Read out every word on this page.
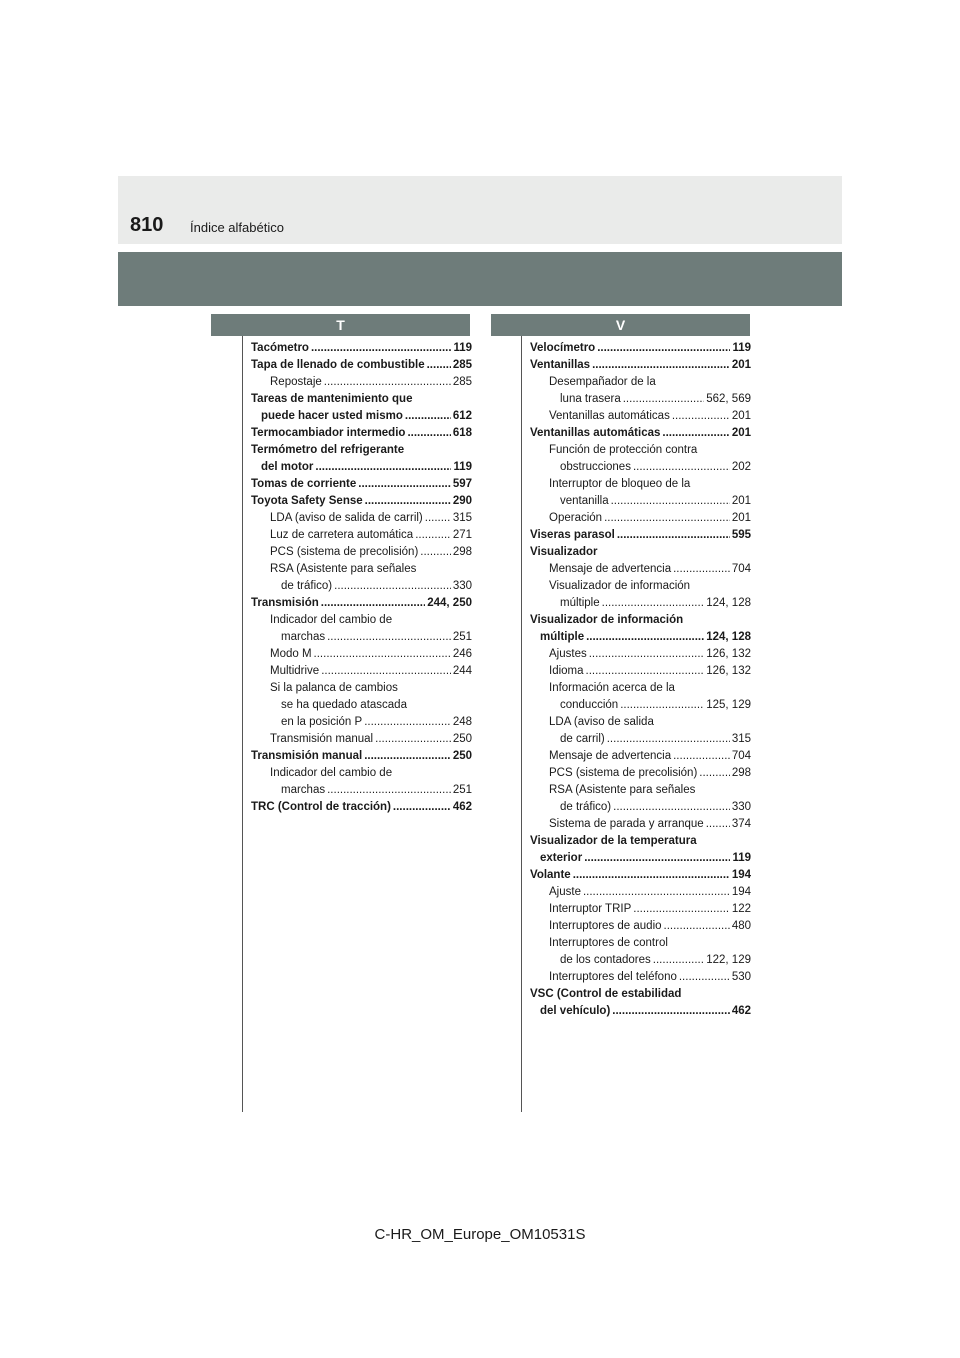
810 Índice alfabético
T	V
Tacómetro .....	119
Tapa de llenado de combustible ..... 285
Repostaje .....	285
Tareas de mantenimiento que
puede hacer usted mismo .....	612
Termocambiador intermedio .....	618
Termómetro del refrigerante
del motor .....	119
Tomas de corriente .....	597
Toyota Safety Sense .....	290
LDA (aviso de salida de carril) .....	315
Luz de carretera automática .....	271
PCS (sistema de precolisión) .....	298
RSA (Asistente para señales
de tráfico) .....	330
Transmisión .....	244, 250
Indicador del cambio de
marchas .....	251
Modo M .....	246
Multidrive .....	244
Si la palanca de cambios
se ha quedado atascada
en la posición P .....	248
Transmisión manual .....	250
Transmisión manual .....	250
Indicador del cambio de
marchas .....	251
TRC (Control de tracción) .....	462
Velocímetro .....	119
Ventanillas .....	201
Desempañador de la
luna trasera .....	562, 569
Ventanillas automáticas .....	201
Ventanillas automáticas .....	201
Función de protección contra
obstrucciones .....	202
Interruptor de bloqueo de la
ventanilla .....	201
Operación .....	201
Viseras parasol .....	595
Visualizador
Mensaje de advertencia .....	704
Visualizador de información
múltiple .....	124, 128
Visualizador de información
múltiple .....	124, 128
Ajustes .....	126, 132
Idioma .....	126, 132
Información acerca de la
conducción .....	125, 129
LDA (aviso de salida
de carril) .....	315
Mensaje de advertencia .....	704
PCS (sistema de precolisión) .....	298
RSA (Asistente para señales
de tráfico) .....	330
Sistema de parada y arranque ..... 374
Visualizador de la temperatura
exterior .....	119
Volante .....	194
Ajuste .....	194
Interruptor TRIP .....	122
Interruptores de audio .....	480
Interruptores de control
de los contadores .....	122, 129
Interruptores del teléfono .....	530
VSC (Control de estabilidad
del vehículo) .....	462
C-HR_OM_Europe_OM10531S
